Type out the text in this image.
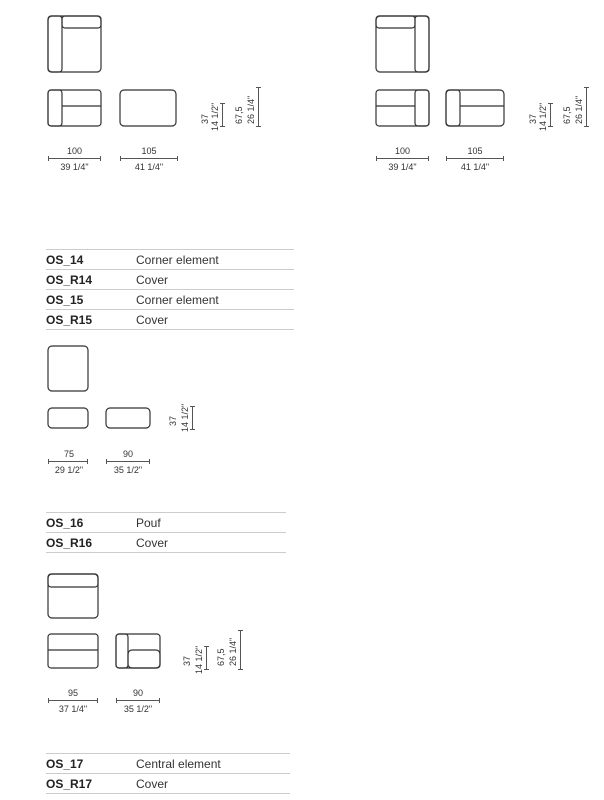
100
39 1/4"
105
41 1/4"
37 14 1/2" 67,5 26 1/4"
100
39 1/4"
105
41 1/4"
37 14 1/2" 67,5 26 1/4"
OS_14	Corner element
OS_R14	Cover
OS_15	Corner element
OS_R15	Cover
75
29 1/2"
90
35 1/2"
37 14 1/2"
OS_16	Pouf
OS_R16	Cover
95
37 1/4"
90
35 1/2"
37 14 1/2" 67,5 26 1/4"
OS_17	Central element
OS_R17	Cover
